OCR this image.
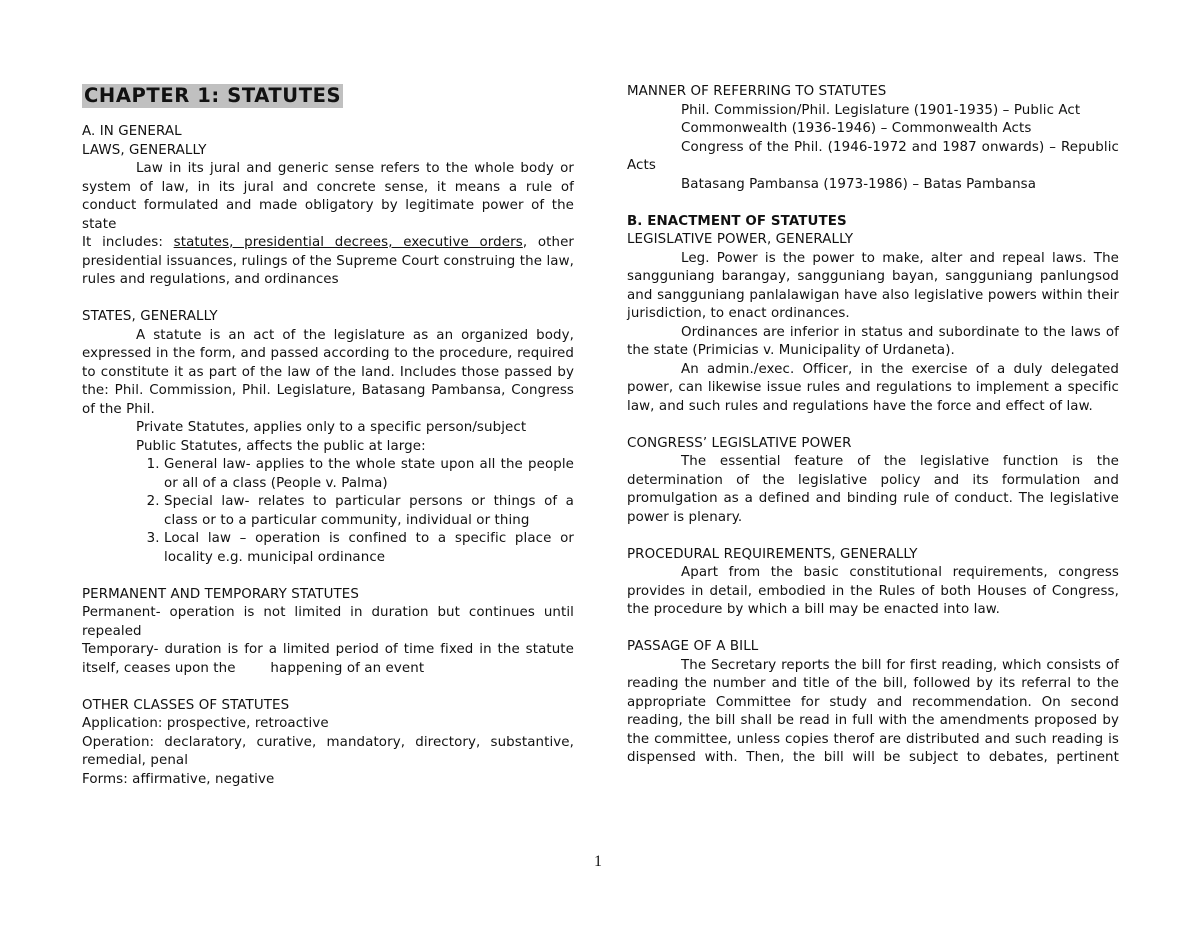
CHAPTER 1: STATUTES

A. IN GENERAL

LAWS, GENERALLY

Law in its jural and generic sense refers to the whole body or system of law, in its jural and concrete sense, it means a rule of conduct formulated and made obligatory by legitimate power of the state

It includes: statutes, presidential decrees, executive orders, other presidential issuances, rulings of the Supreme Court construing the law, rules and regulations, and ordinances

STATES, GENERALLY

A statute is an act of the legislature as an organized body, expressed in the form, and passed according to the procedure, required to constitute it as part of the law of the land. Includes those passed by the: Phil. Commission, Phil. Legislature, Batasang Pambansa, Congress of the Phil.

Private Statutes, applies only to a specific person/subject

Public Statutes, affects the public at large:

1. General law- applies to the whole state upon all the people or all of a class (People v. Palma)
2. Special law- relates to particular persons or things of a class or to a particular community, individual or thing
3. Local law – operation is confined to a specific place or locality e.g. municipal ordinance

PERMANENT AND TEMPORARY STATUTES

Permanent- operation is not limited in duration but continues until repealed

Temporary- duration is for a limited period of time fixed in the statute itself, ceases upon the        happening of an event

OTHER CLASSES OF STATUTES

Application: prospective, retroactive

Operation: declaratory, curative, mandatory, directory, substantive, remedial, penal

Forms: affirmative, negative

MANNER OF REFERRING TO STATUTES

Phil. Commission/Phil. Legislature (1901-1935) – Public Act

Commonwealth (1936-1946) – Commonwealth Acts

Congress of the Phil. (1946-1972 and 1987 onwards) – Republic Acts

Batasang Pambansa (1973-1986) – Batas Pambansa

B. ENACTMENT OF STATUTES

LEGISLATIVE POWER, GENERALLY

Leg. Power is the power to make, alter and repeal laws. The sangguniang barangay, sangguniang bayan, sangguniang panlungsod and sangguniang panlalawigan have also legislative powers within their jurisdiction, to enact ordinances.

Ordinances are inferior in status and subordinate to the laws of the state (Primicias v. Municipality of Urdaneta).

An admin./exec. Officer, in the exercise of a duly delegated power, can likewise issue rules and regulations to implement a specific law, and such rules and regulations have the force and effect of law.

CONGRESS’ LEGISLATIVE POWER

The essential feature of the legislative function is the determination of the legislative policy and its formulation and promulgation as a defined and binding rule of conduct. The legislative power is plenary.

PROCEDURAL REQUIREMENTS, GENERALLY

Apart from the basic constitutional requirements, congress provides in detail, embodied in the Rules of both Houses of Congress, the procedure by which a bill may be enacted into law.

PASSAGE OF A BILL

The Secretary reports the bill for first reading, which consists of reading the number and title of the bill, followed by its referral to the appropriate Committee for study and recommendation. On second reading, the bill shall be read in full with the amendments proposed by the committee, unless copies therof are distributed and such reading is dispensed with. Then, the bill will be subject to debates, pertinent

1
